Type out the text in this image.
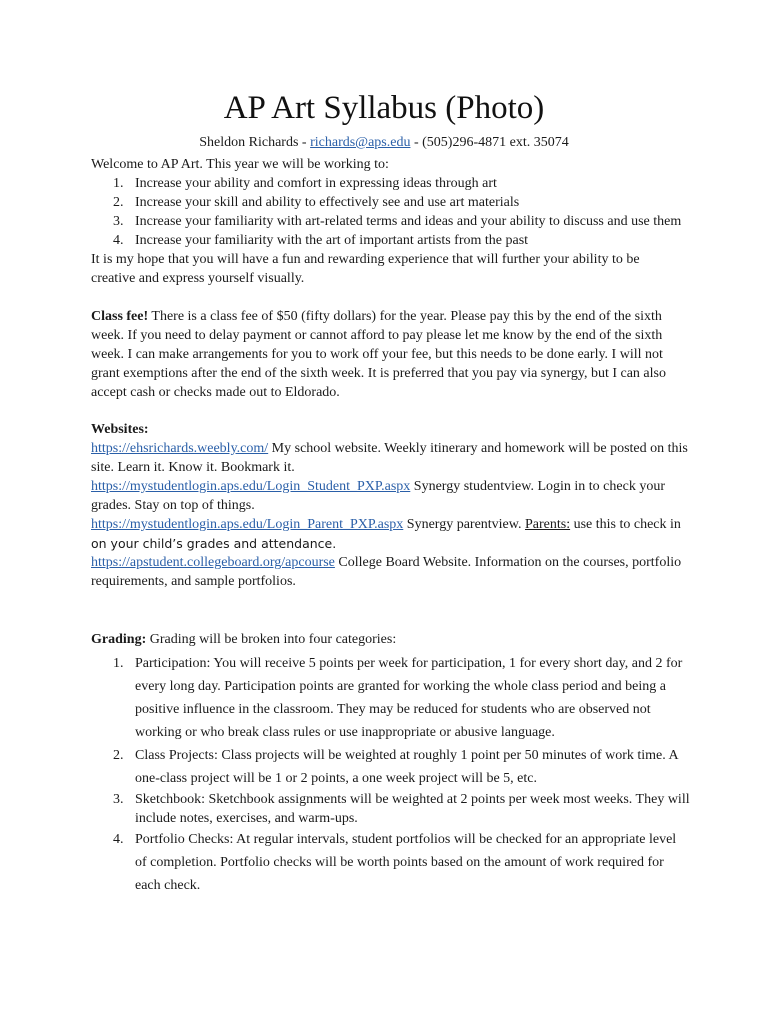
AP Art Syllabus (Photo)
Sheldon Richards - richards@aps.edu - (505)296-4871 ext. 35074
Welcome to AP Art. This year we will be working to:
1. Increase your ability and comfort in expressing ideas through art
2. Increase your skill and ability to effectively see and use art materials
3. Increase your familiarity with art-related terms and ideas and your ability to discuss and use them
4. Increase your familiarity with the art of important artists from the past
It is my hope that you will have a fun and rewarding experience that will further your ability to be creative and express yourself visually.
Class fee! There is a class fee of $50 (fifty dollars) for the year. Please pay this by the end of the sixth week. If you need to delay payment or cannot afford to pay please let me know by the end of the sixth week. I can make arrangements for you to work off your fee, but this needs to be done early. I will not grant exemptions after the end of the sixth week. It is preferred that you pay via synergy, but I can also accept cash or checks made out to Eldorado.
Websites:
https://ehsrichards.weebly.com/ My school website. Weekly itinerary and homework will be posted on this site. Learn it. Know it. Bookmark it.
https://mystudentlogin.aps.edu/Login_Student_PXP.aspx Synergy studentview. Login in to check your grades. Stay on top of things.
https://mystudentlogin.aps.edu/Login_Parent_PXP.aspx Synergy parentview. Parents: use this to check in
on your child’s grades and attendance.
https://apstudent.collegeboard.org/apcourse College Board Website. Information on the courses, portfolio requirements, and sample portfolios.
Grading: Grading will be broken into four categories:
1. Participation: You will receive 5 points per week for participation, 1 for every short day, and 2 for every long day. Participation points are granted for working the whole class period and being a positive influence in the classroom. They may be reduced for students who are observed not working or who break class rules or use inappropriate or abusive language.
2. Class Projects: Class projects will be weighted at roughly 1 point per 50 minutes of work time. A one-class project will be 1 or 2 points, a one week project will be 5, etc.
3. Sketchbook: Sketchbook assignments will be weighted at 2 points per week most weeks. They will include notes, exercises, and warm-ups.
4. Portfolio Checks: At regular intervals, student portfolios will be checked for an appropriate level of completion. Portfolio checks will be worth points based on the amount of work required for each check.
